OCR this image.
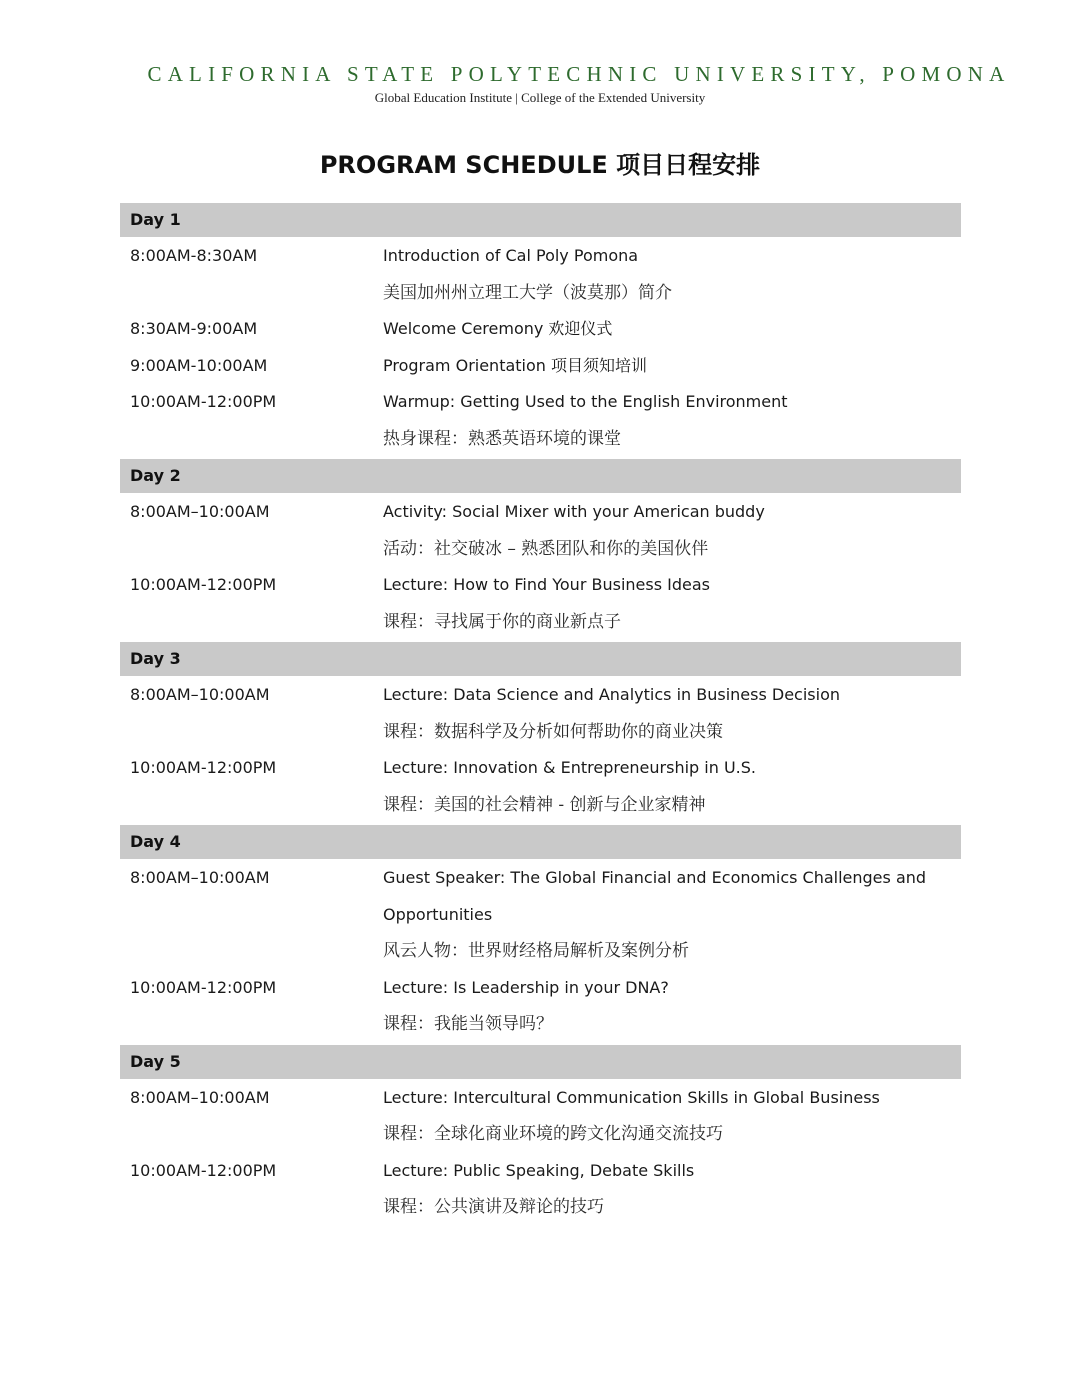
CALIFORNIA STATE POLYTECHNIC UNIVERSITY, POMONA
Global Education Institute | College of the Extended University
PROGRAM SCHEDULE 项目日程安排
Day 1
8:00AM-8:30AM	Introduction of Cal Poly Pomona
美国加州州立理工大学（波莫那）简介
8:30AM-9:00AM	Welcome Ceremony 欢迎仪式
9:00AM-10:00AM	Program Orientation 项目须知培训
10:00AM-12:00PM	Warmup: Getting Used to the English Environment
热身课程：熟悉英语环境的课堂
Day 2
8:00AM–10:00AM	Activity: Social Mixer with your American buddy
活动：社交破冰 – 熟悉团队和你的美国伙伴
10:00AM-12:00PM	Lecture: How to Find Your Business Ideas
课程：寻找属于你的商业新点子
Day 3
8:00AM–10:00AM	Lecture: Data Science and Analytics in Business Decision
课程：数据科学及分析如何帮助你的商业决策
10:00AM-12:00PM	Lecture: Innovation & Entrepreneurship in U.S.
课程：美国的社会精神 - 创新与企业家精神
Day 4
8:00AM–10:00AM	Guest Speaker: The Global Financial and Economics Challenges and
Opportunities
风云人物：世界财经格局解析及案例分析
10:00AM-12:00PM	Lecture: Is Leadership in your DNA?
课程：我能当领导吗？
Day 5
8:00AM–10:00AM	Lecture: Intercultural Communication Skills in Global Business
课程：全球化商业环境的跨文化沟通交流技巧
10:00AM-12:00PM	Lecture: Public Speaking, Debate Skills
课程：公共演讲及辩论的技巧
